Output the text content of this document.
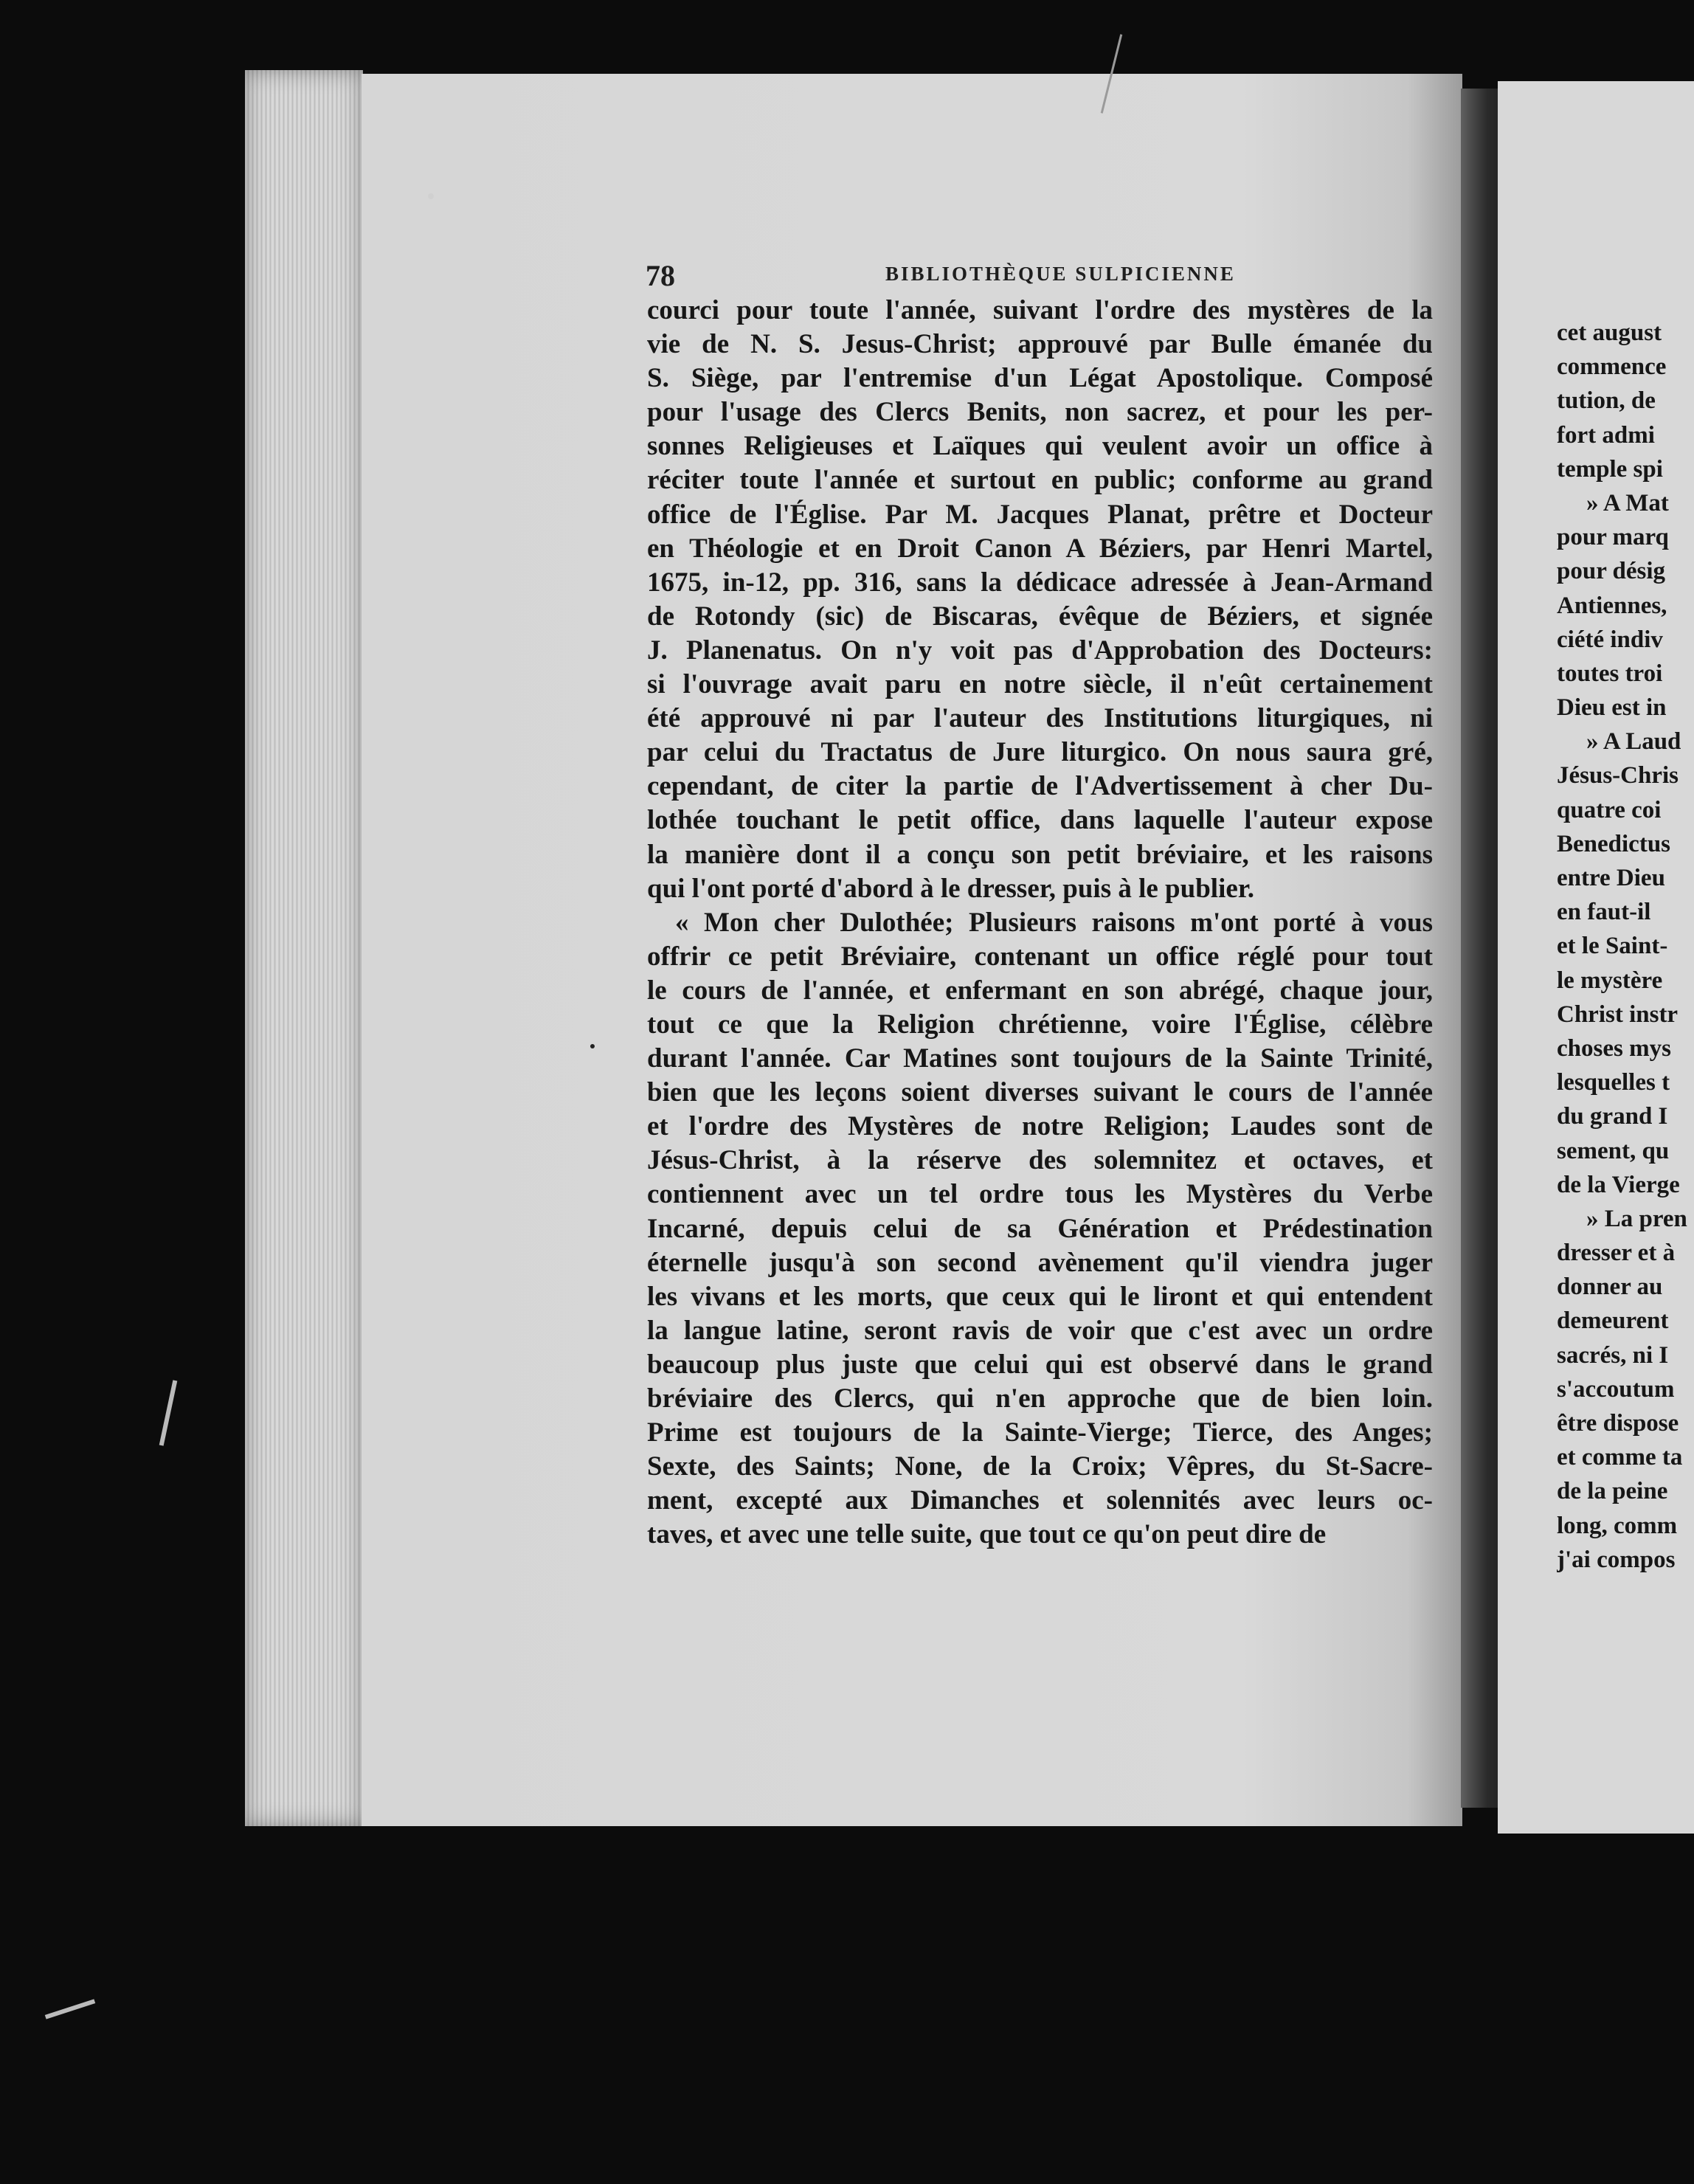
78	BIBLIOTHÈQUE SULPICIENNE
courci pour toute l'année, suivant l'ordre des mystères de la
vie de N. S. Jesus-Christ; approuvé par Bulle émanée du
S. Siège, par l'entremise d'un Légat Apostolique. Composé
pour l'usage des Clercs Benits, non sacrez, et pour les per-
sonnes Religieuses et Laïques qui veulent avoir un office à
réciter toute l'année et surtout en public; conforme au grand
office de l'Église. Par M. Jacques Planat, prêtre et Docteur
en Théologie et en Droit Canon A Béziers, par Henri Martel,
1675, in-12, pp. 316, sans la dédicace adressée à Jean-Armand
de Rotondy (sic) de Biscaras, évêque de Béziers, et signée
J. Planenatus. On n'y voit pas d'Approbation des Docteurs:
si l'ouvrage avait paru en notre siècle, il n'eût certainement
été approuvé ni par l'auteur des Institutions liturgiques, ni
par celui du Tractatus de Jure liturgico. On nous saura gré,
cependant, de citer la partie de l'Advertissement à cher Du-
lothée touchant le petit office, dans laquelle l'auteur expose
la manière dont il a conçu son petit bréviaire, et les raisons
qui l'ont porté d'abord à le dresser, puis à le publier.
« Mon cher Dulothée; Plusieurs raisons m'ont porté à vous
offrir ce petit Bréviaire, contenant un office réglé pour tout
le cours de l'année, et enfermant en son abrégé, chaque jour,
tout ce que la Religion chrétienne, voire l'Église, célèbre
durant l'année. Car Matines sont toujours de la Sainte Trinité,
bien que les leçons soient diverses suivant le cours de l'année
et l'ordre des Mystères de notre Religion; Laudes sont de
Jésus-Christ, à la réserve des solemnitez et octaves, et
contiennent avec un tel ordre tous les Mystères du Verbe
Incarné, depuis celui de sa Génération et Prédestination
éternelle jusqu'à son second avènement qu'il viendra juger
les vivans et les morts, que ceux qui le liront et qui entendent
la langue latine, seront ravis de voir que c'est avec un ordre
beaucoup plus juste que celui qui est observé dans le grand
bréviaire des Clercs, qui n'en approche que de bien loin.
Prime est toujours de la Sainte-Vierge; Tierce, des Anges;
Sexte, des Saints; None, de la Croix; Vêpres, du St-Sacre-
ment, excepté aux Dimanches et solennités avec leurs oc-
taves, et avec une telle suite, que tout ce qu'on peut dire de
cet august
commence
tution, de
fort admi
temple spi
» A Mat
pour marq
pour désig
Antiennes,
ciété indiv
toutes troi
Dieu est in
» A Laud
Jésus-Chris
quatre coi
Benedictus
entre Dieu
en faut-il
et le Saint-
le mystère
Christ instr
choses mys
lesquelles t
du grand I
sement, qu
de la Vierge
» La pren
dresser et à
donner au
demeurent
sacrés, ni I
s'accoutum
être dispose
et comme ta
de la peine
long, comm
j'ai compos
